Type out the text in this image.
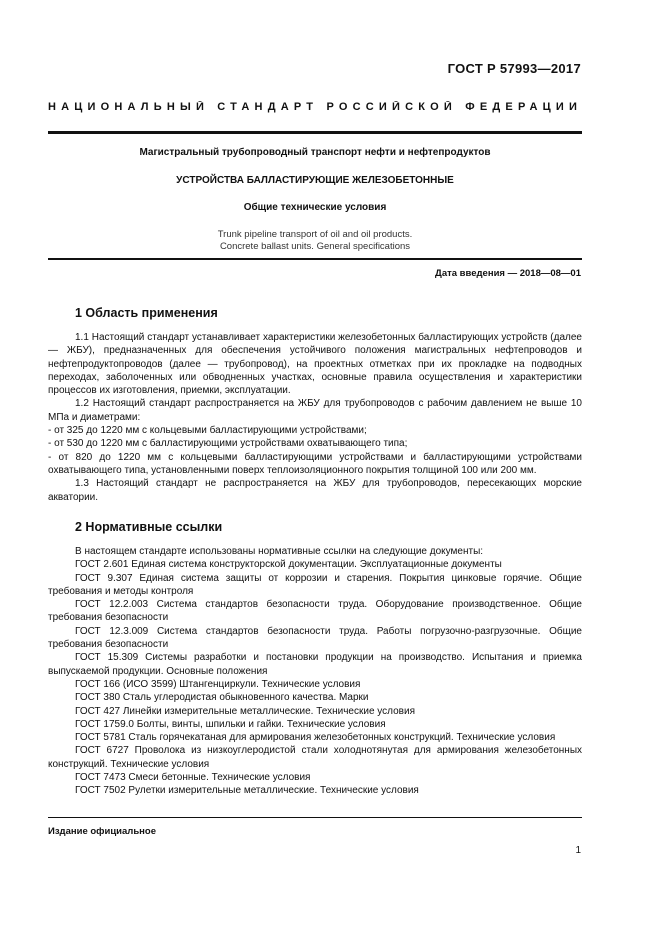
ГОСТ Р 57993—2017
НАЦИОНАЛЬНЫЙ СТАНДАРТ РОССИЙСКОЙ ФЕДЕРАЦИИ

Магистральный трубопроводный транспорт нефти и нефтепродуктов

УСТРОЙСТВА БАЛЛАСТИРУЮЩИЕ ЖЕЛЕЗОБЕТОННЫЕ

Общие технические условия

Trunk pipeline transport of oil and oil products.
Concrete ballast units. General specifications

Дата введения — 2018—08—01
1 Область применения

1.1 Настоящий стандарт устанавливает характеристики железобетонных балластирующих устройств (далее — ЖБУ), предназначенных для обеспечения устойчивого положения магистральных нефтепроводов и нефтепродуктопроводов (далее — трубопровод), на проектных отметках при их прокладке на подводных переходах, заболоченных или обводненных участках, основные правила осуществления и характеристики процессов их изготовления, приемки, эксплуатации.

1.2 Настоящий стандарт распространяется на ЖБУ для трубопроводов с рабочим давлением не выше 10 МПа и диаметрами:

- от 325 до 1220 мм с кольцевыми балластирующими устройствами;

- от 530 до 1220 мм с балластирующими устройствами охватывающего типа;

- от 820 до 1220 мм с кольцевыми балластирующими устройствами и балластирующими устройствами охватывающего типа, установленными поверх теплоизоляционного покрытия толщиной 100 или 200 мм.

1.3 Настоящий стандарт не распространяется на ЖБУ для трубопроводов, пересекающих морские акватории.

2 Нормативные ссылки

В настоящем стандарте использованы нормативные ссылки на следующие документы:

ГОСТ 2.601 Единая система конструкторской документации. Эксплуатационные документы

ГОСТ 9.307 Единая система защиты от коррозии и старения. Покрытия цинковые горячие. Общие требования и методы контроля

ГОСТ 12.2.003 Система стандартов безопасности труда. Оборудование производственное. Общие требования безопасности

ГОСТ 12.3.009 Система стандартов безопасности труда. Работы погрузочно-разгрузочные. Общие требования безопасности

ГОСТ 15.309 Системы разработки и постановки продукции на производство. Испытания и приемка выпускаемой продукции. Основные положения

ГОСТ 166 (ИСО 3599) Штангенциркули. Технические условия

ГОСТ 380 Сталь углеродистая обыкновенного качества. Марки

ГОСТ 427 Линейки измерительные металлические. Технические условия

ГОСТ 1759.0 Болты, винты, шпильки и гайки. Технические условия

ГОСТ 5781 Сталь горячекатаная для армирования железобетонных конструкций. Технические условия

ГОСТ 6727 Проволока из низкоуглеродистой стали холоднотянутая для армирования железобетонных конструкций. Технические условия

ГОСТ 7473 Смеси бетонные. Технические условия

ГОСТ 7502 Рулетки измерительные металлические. Технические условия

Издание официальное
1
